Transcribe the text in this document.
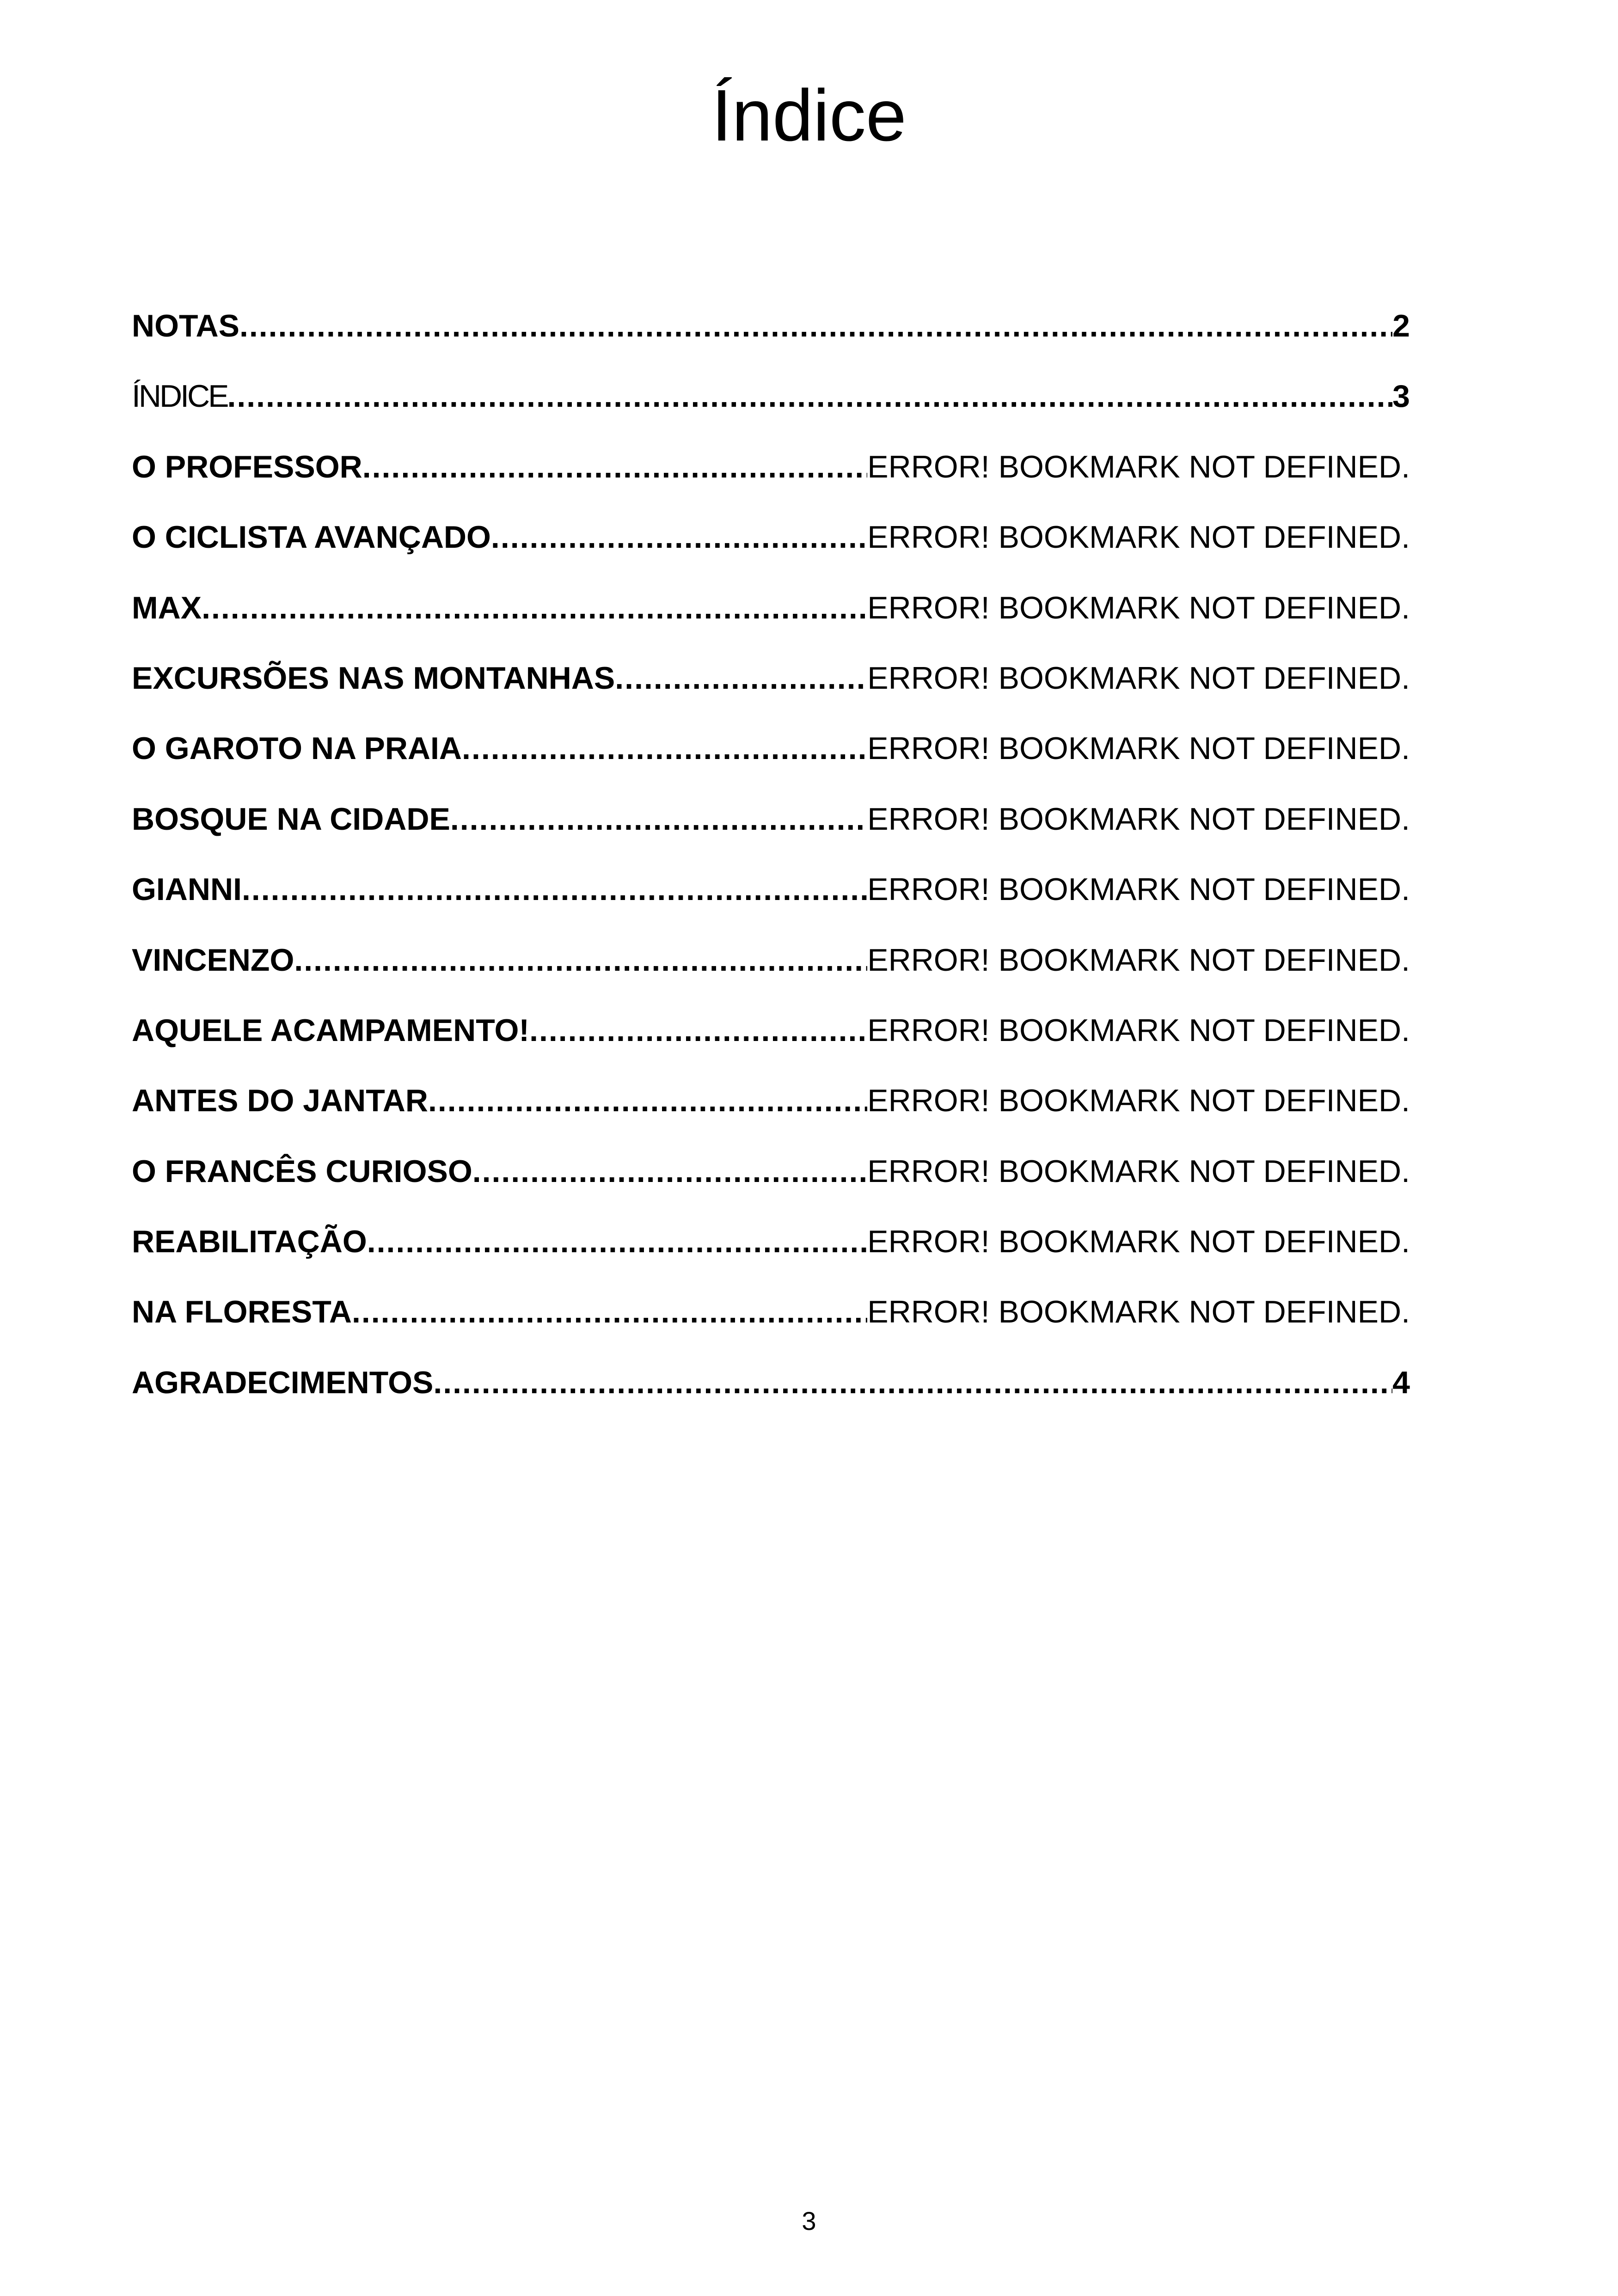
Índice
NOTAS .....	2
ÍNDICE .....	3
O PROFESSOR .....	ERROR! BOOKMARK NOT DEFINED.
O CICLISTA AVANÇADO .....	ERROR! BOOKMARK NOT DEFINED.
MAX .....	ERROR! BOOKMARK NOT DEFINED.
EXCURSÕES NAS MONTANHAS .....	ERROR! BOOKMARK NOT DEFINED.
O GAROTO NA PRAIA .....	ERROR! BOOKMARK NOT DEFINED.
BOSQUE NA CIDADE .....	ERROR! BOOKMARK NOT DEFINED.
GIANNI .....	ERROR! BOOKMARK NOT DEFINED.
VINCENZO .....	ERROR! BOOKMARK NOT DEFINED.
AQUELE ACAMPAMENTO! .....	ERROR! BOOKMARK NOT DEFINED.
ANTES DO JANTAR .....	ERROR! BOOKMARK NOT DEFINED.
O FRANCÊS CURIOSO .....	ERROR! BOOKMARK NOT DEFINED.
REABILITAÇÃO .....	ERROR! BOOKMARK NOT DEFINED.
NA FLORESTA .....	ERROR! BOOKMARK NOT DEFINED.
AGRADECIMENTOS .....	4
3
